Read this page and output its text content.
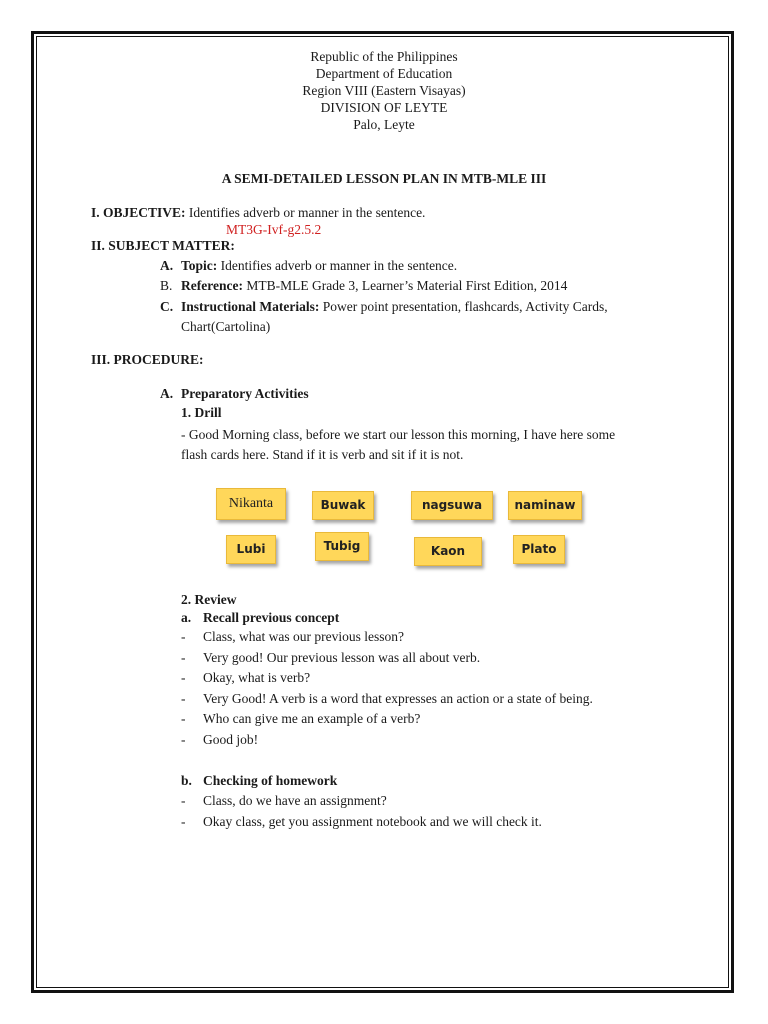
Republic of the Philippines
Department of Education
Region VIII (Eastern Visayas)
DIVISION OF LEYTE
Palo, Leyte
A SEMI-DETAILED LESSON PLAN IN MTB-MLE III
I. OBJECTIVE: Identifies adverb or manner in the sentence.
MT3G-Ivf-g2.5.2
II. SUBJECT MATTER:
A. Topic: Identifies adverb or manner in the sentence.
B. Reference: MTB-MLE Grade 3, Learner’s Material First Edition, 2014
C. Instructional Materials: Power point presentation, flashcards, Activity Cards,
Chart(Cartolina)
III. PROCEDURE:
A. Preparatory Activities
1. Drill
- Good Morning class, before we start our lesson this morning, I have here some
flash cards here. Stand if it is verb and sit if it is not.
Nikanta	Buwak	nagsuwa	naminaw
Lubi	Tubig	Kaon	Plato
2. Review
a. Recall previous concept
- Class, what was our previous lesson?
- Very good! Our previous lesson was all about verb.
- Okay, what is verb?
- Very Good! A verb is a word that expresses an action or a state of being.
- Who can give me an example of a verb?
- Good job!
b. Checking of homework
- Class, do we have an assignment?
- Okay class, get you assignment notebook and we will check it.
